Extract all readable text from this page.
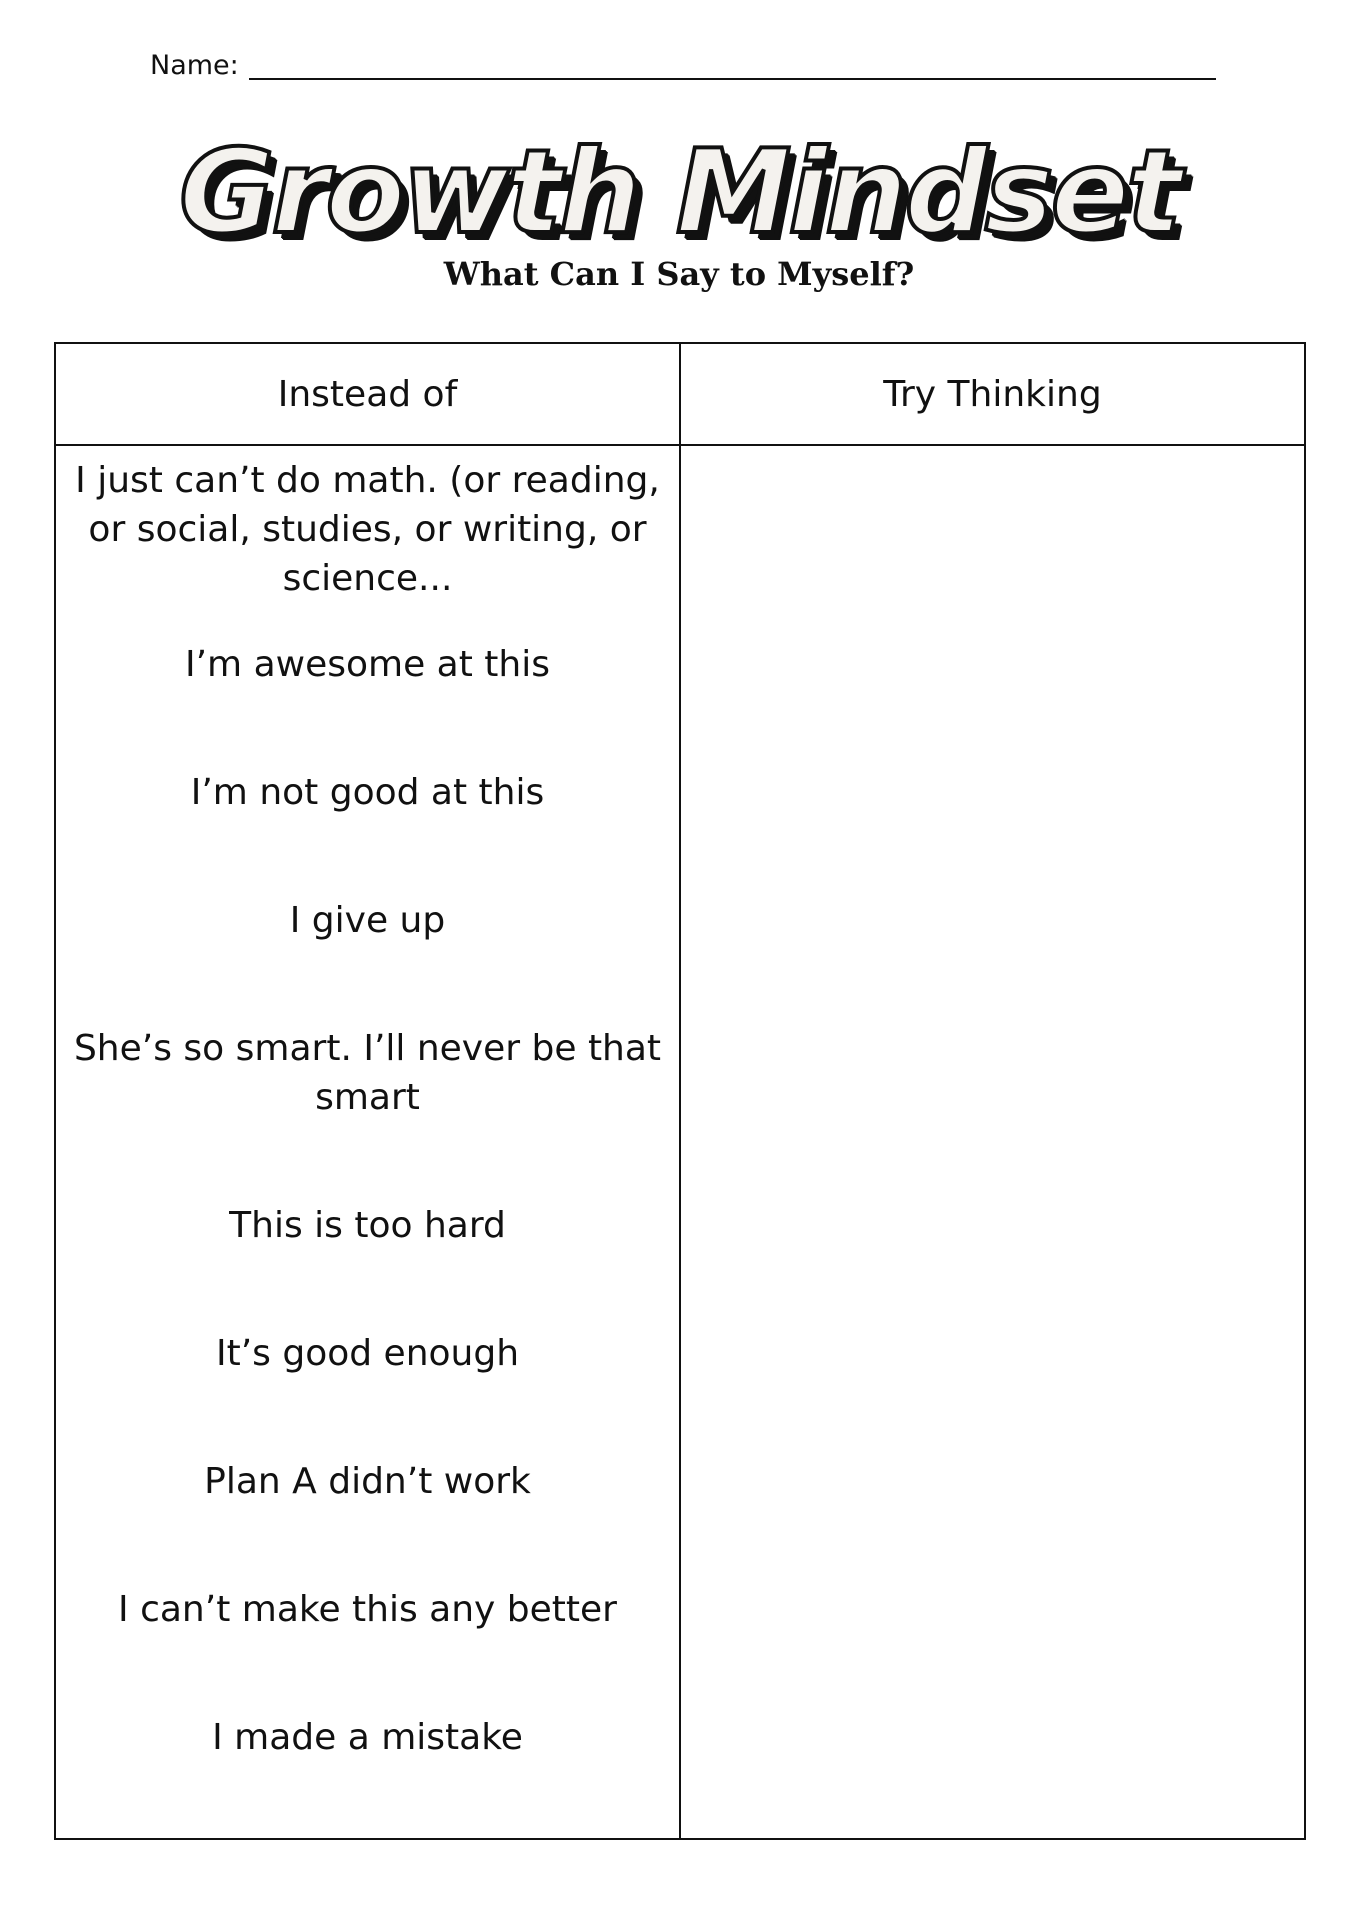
Name:
Growth Mindset
What Can I Say to Myself?
Instead of	Try Thinking
I just can’t do math. (or reading, or social, studies, or writing, or science...
I’m awesome at this
I’m not good at this
I give up
She’s so smart. I’ll never be that smart
This is too hard
It’s good enough
Plan A didn’t work
I can’t make this any better
I made a mistake
